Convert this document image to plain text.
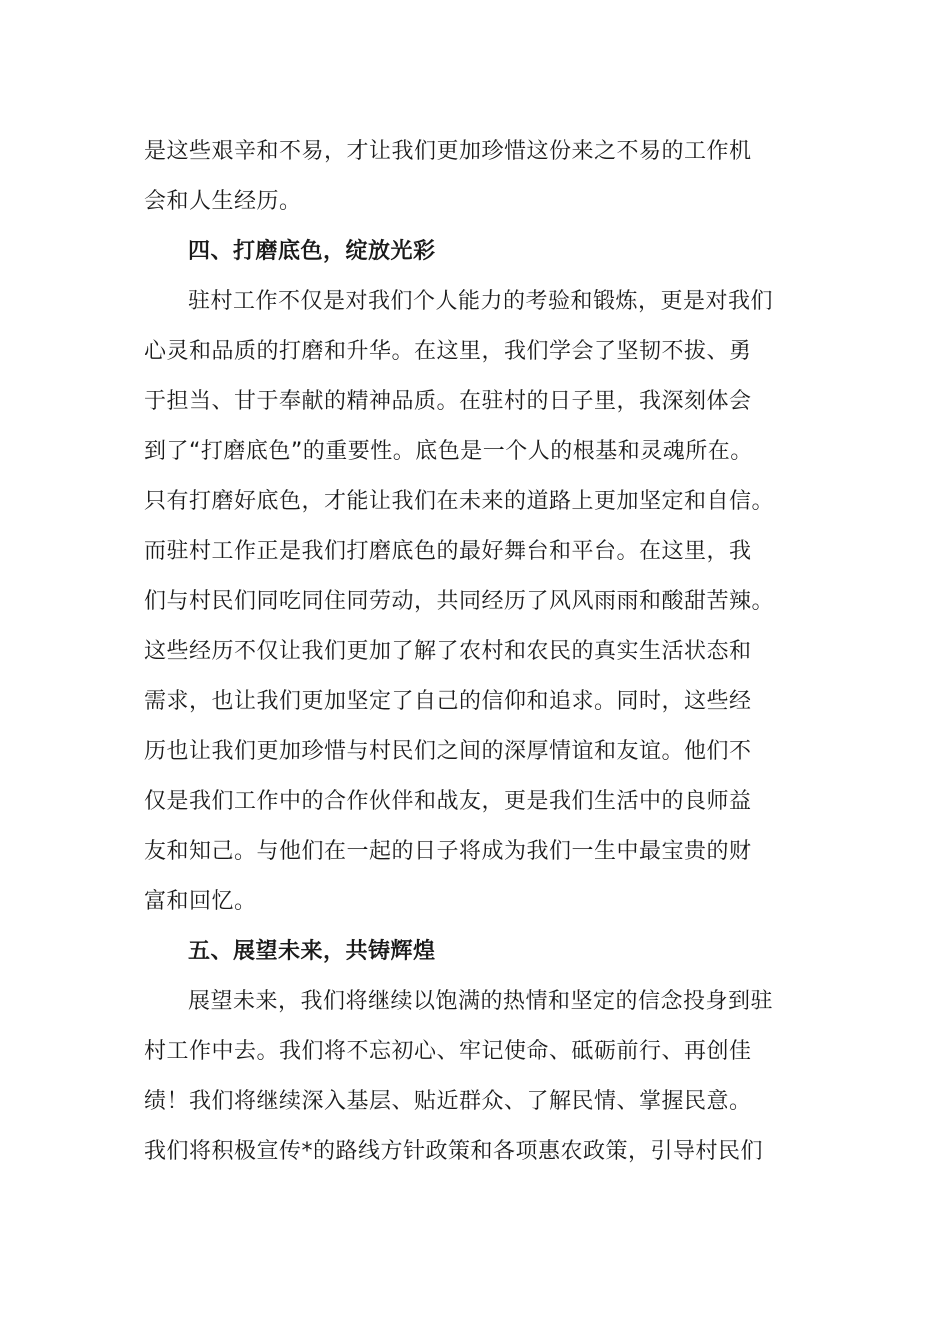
是这些艰辛和不易，才让我们更加珍惜这份来之不易的工作机
会和人生经历。
四、打磨底色，绽放光彩
驻村工作不仅是对我们个人能力的考验和锻炼，更是对我们
心灵和品质的打磨和升华。在这里，我们学会了坚韧不拔、勇
于担当、甘于奉献的精神品质。在驻村的日子里，我深刻体会
到了“打磨底色”的重要性。底色是一个人的根基和灵魂所在。
只有打磨好底色，才能让我们在未来的道路上更加坚定和自信。
而驻村工作正是我们打磨底色的最好舞台和平台。在这里，我
们与村民们同吃同住同劳动，共同经历了风风雨雨和酸甜苦辣。
这些经历不仅让我们更加了解了农村和农民的真实生活状态和
需求，也让我们更加坚定了自己的信仰和追求。同时，这些经
历也让我们更加珍惜与村民们之间的深厚情谊和友谊。他们不
仅是我们工作中的合作伙伴和战友，更是我们生活中的良师益
友和知己。与他们在一起的日子将成为我们一生中最宝贵的财
富和回忆。
五、展望未来，共铸辉煌
展望未来，我们将继续以饱满的热情和坚定的信念投身到驻
村工作中去。我们将不忘初心、牢记使命、砥砺前行、再创佳
绩！我们将继续深入基层、贴近群众、了解民情、掌握民意。
我们将积极宣传*的路线方针政策和各项惠农政策，引导村民们
